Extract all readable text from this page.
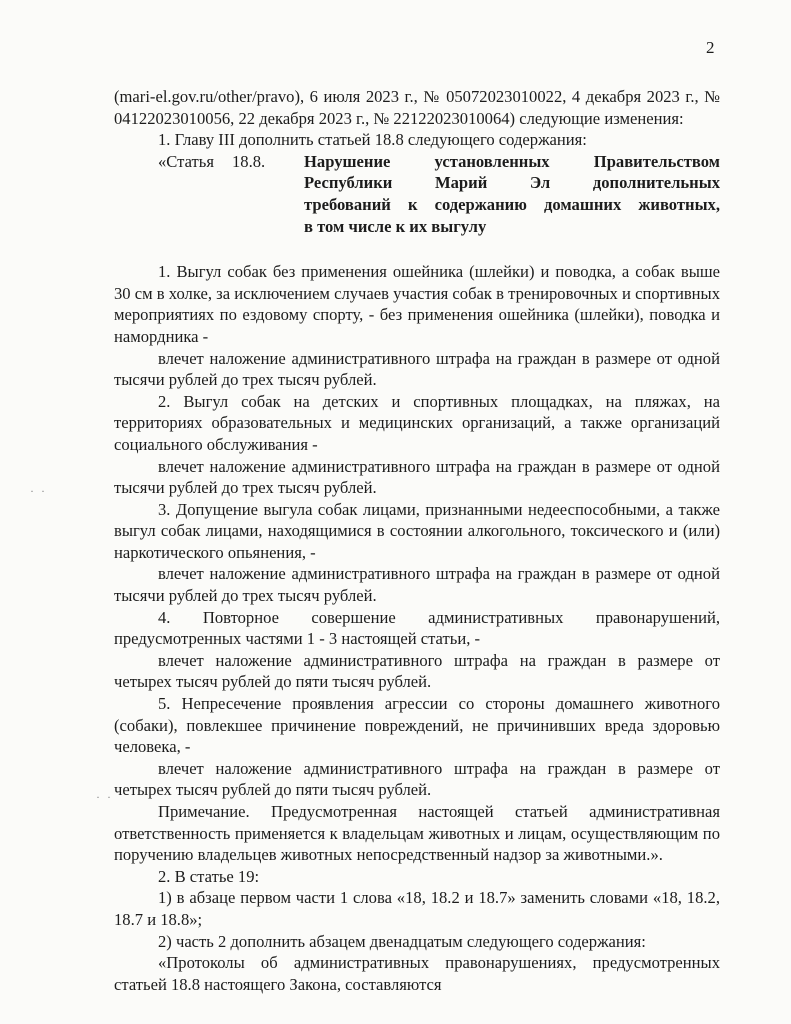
2

(mari-el.gov.ru/other/pravo), 6 июля 2023 г., № 05072023010022, 4 декабря 2023 г., № 04122023010056, 22 декабря 2023 г., № 22122023010064) следующие изменения:

1. Главу III дополнить статьей 18.8 следующего содержания:

«Статья 18.8.	Нарушение установленных Правительством
Республики Марий Эл дополнительных
требований к содержанию домашних животных,
в том числе к их выгулу

1. Выгул собак без применения ошейника (шлейки) и поводка, а собак выше 30 см в холке, за исключением случаев участия собак в тренировочных и спортивных мероприятиях по ездовому спорту, - без применения ошейника (шлейки), поводка и намордника -

влечет наложение административного штрафа на граждан в размере от одной тысячи рублей до трех тысяч рублей.

2. Выгул собак на детских и спортивных площадках, на пляжах, на территориях образовательных и медицинских организаций, а также организаций социального обслуживания -

влечет наложение административного штрафа на граждан в размере от одной тысячи рублей до трех тысяч рублей.

3. Допущение выгула собак лицами, признанными недееспособными, а также выгул собак лицами, находящимися в состоянии алкогольного, токсического и (или) наркотического опьянения, -

влечет наложение административного штрафа на граждан в размере от одной тысячи рублей до трех тысяч рублей.

4. Повторное совершение административных правонарушений, предусмотренных частями 1 - 3 настоящей статьи, -

влечет наложение административного штрафа на граждан в размере от четырех тысяч рублей до пяти тысяч рублей.

5. Непресечение проявления агрессии со стороны домашнего животного (собаки), повлекшее причинение повреждений, не причинивших вреда здоровью человека, -

влечет наложение административного штрафа на граждан в размере от четырех тысяч рублей до пяти тысяч рублей.

Примечание. Предусмотренная настоящей статьей административная ответственность применяется к владельцам животных и лицам, осуществляющим по поручению владельцев животных непосредственный надзор за животными.».

2. В статье 19:

1) в абзаце первом части 1 слова «18, 18.2 и 18.7» заменить словами «18, 18.2, 18.7 и 18.8»;

2) часть 2 дополнить абзацем двенадцатым следующего содержания:

«Протоколы об административных правонарушениях, предусмотренных статьей 18.8 настоящего Закона, составляются

· ·
· ·
